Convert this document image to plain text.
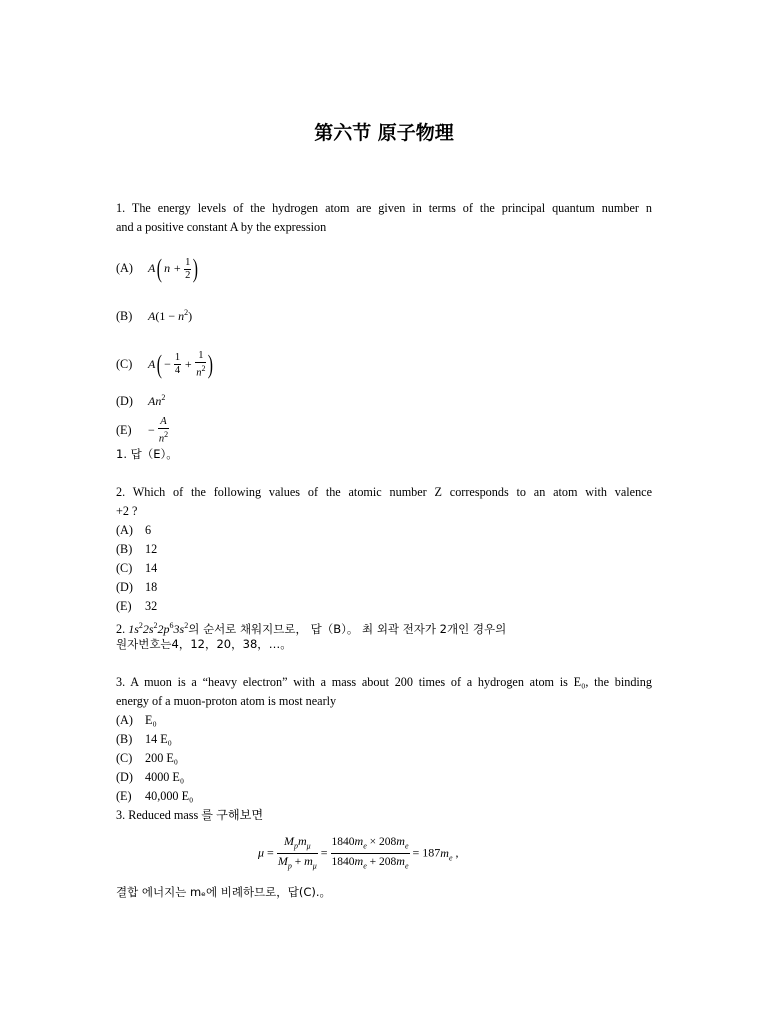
第六节 原子物理
1. The energy levels of the hydrogen atom are given in terms of the principal quantum number n
and a positive constant A by the expression
(A) A( $n + \frac{1}{2}$ )
(B) $A(1 - n^2)$
(C) $A( - \frac{1}{4} + \frac{1}{n^2}$ )
(D) An$^2$
$(E) - \frac{A}{n^2}$
1. 답（E）。
2. Which of the following values of the atomic number Z corresponds to an atom with valence
+2 ?
(A) 6
(B) 12
(C) 14
(D) 18
(E) 32
2. $1s^22s^22p^63s^2$의 순서로 채워지므로， 답（B）。 최 외곽 전자가 2개인 경우의
원자번호는4，12，20，38，…。
3. A muon is a “heavy electron” with a mass about 200 times of a hydrogen atom is E₀, the binding
energy of a muon-proton atom is most nearly
(A) E₀
(B) 14 E₀
(C) 200 E₀
(D) 4000 E₀
(E) 40,000 E₀
3. Reduced mass 를 구해보면
$\mu = \frac{M_pm_\mu}{M_p + m_\mu} = \frac{1840m_e \times 208m_e}{1840m_e + 208m_e} = 187m_e$ ,
결합 에너지는 mₑ에 비례하므로，답(C).。
